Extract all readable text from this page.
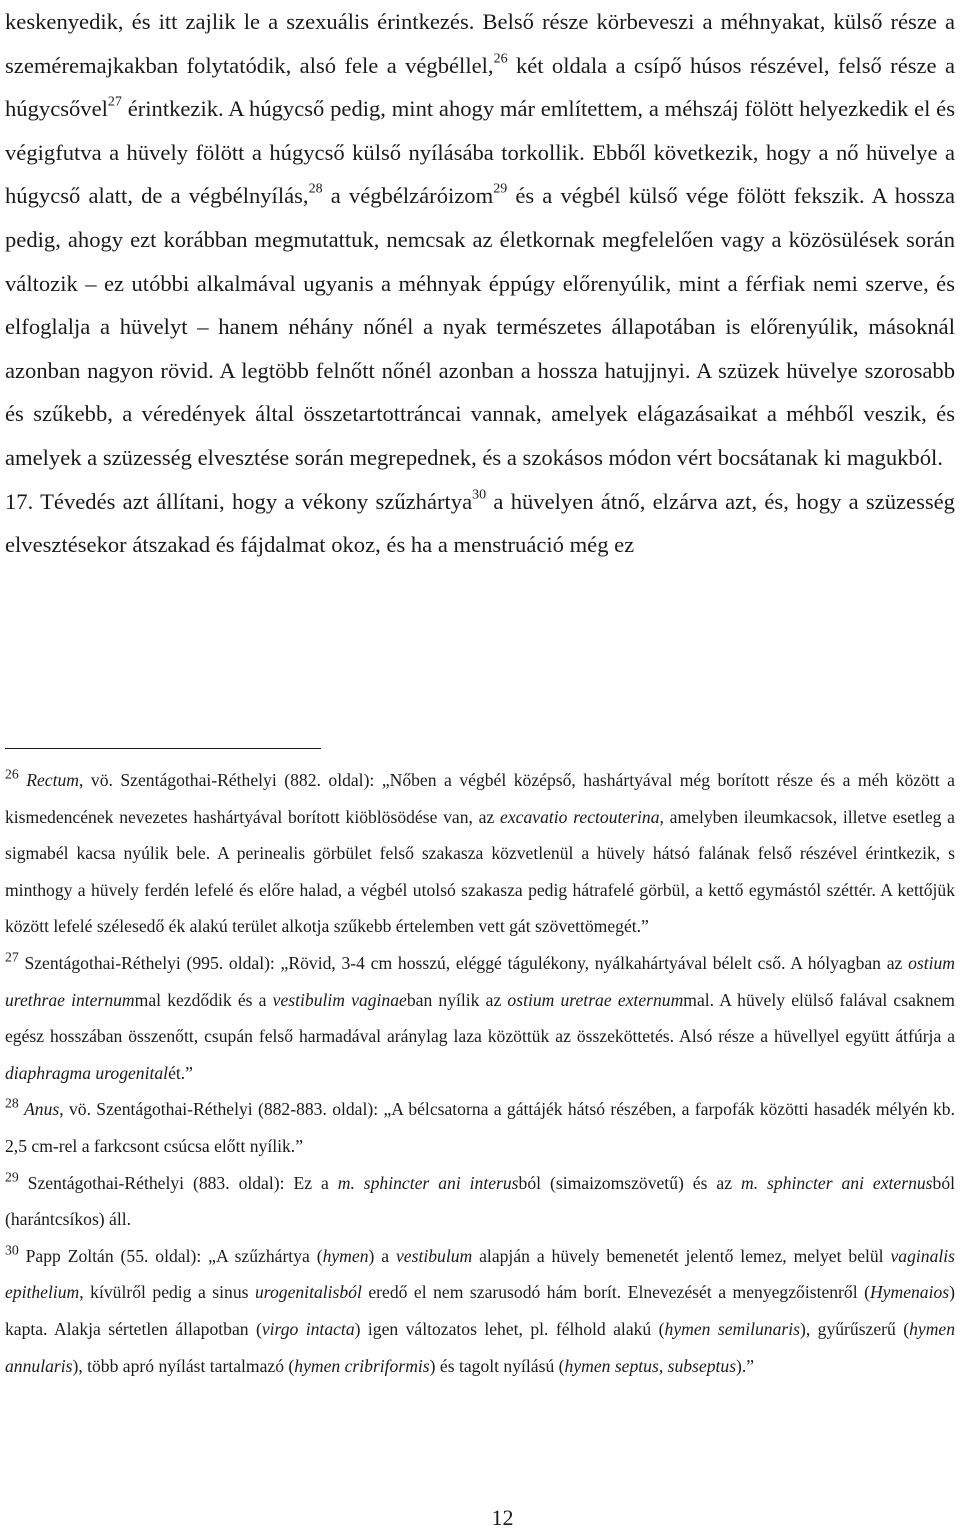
keskenyedik, és itt zajlik le a szexuális érintkezés. Belső része körbeveszi a méhnyakat, külső része a szeméremajkakban folytatódik, alsó fele a végbéllel,$^{26}$ két oldala a csípő húsos részével, felső része a húgycsővel$^{27}$ érintkezik. A húgycső pedig, mint ahogy már említettem, a méhszáj fölött helyezkedik el és végigfutva a hüvely fölött a húgycső külső nyílásába torkollik. Ebből következik, hogy a nő hüvelye a húgycső alatt, de a végbélnyílás,$^{28}$ a végbélzáróizom$^{29}$ és a végbél külső vége fölött fekszik. A hossza pedig, ahogy ezt korábban megmutattuk, nemcsak az életkornak megfelelően vagy a közösülések során változik – ez utóbbi alkalmával ugyanis a méhnyak éppúgy előrenyúlik, mint a férfiak nemi szerve, és elfoglalja a hüvelyt – hanem néhány nőnél a nyak természetes állapotában is előrenyúlik, másoknál azonban nagyon rövid. A legtöbb felnőtt nőnél azonban a hossza hatujjnyi. A szüzek hüvelye szorosabb és szűkebb, a véredények által összetartottráncai vannak, amelyek elágazásaikat a méhből veszik, és amelyek a szüzesség elvesztése során megrepednek, és a szokásos módon vért bocsátanak ki magukból.

17. Tévedés azt állítani, hogy a vékony szűzhártya$^{30}$ a hüvelyen átnő, elzárva azt, és, hogy a szüzesség elvesztésekor átszakad és fájdalmat okoz, és ha a menstruáció még ez

$^{26}$ Rectum, vö. Szentágothai-Réthelyi (882. oldal): „Nőben a végbél középső, hashártyával még borított része és a méh között a kismedencének nevezetes hashártyával borított kiöblösödése van, az excavatio rectouterina, amelyben ileumkacsok, illetve esetleg a sigmabél kacsa nyúlik bele. A perinealis görbület felső szakasza közvetlenül a hüvely hátsó falának felső részével érintkezik, s minthogy a hüvely ferdén lefelé és előre halad, a végbél utolsó szakasza pedig hátrafelé görbül, a kettő egymástól széttér. A kettőjük között lefelé szélesedő ék alakú terület alkotja szűkebb értelemben vett gát szövettömegét.”

$^{27}$ Szentágothai-Réthelyi (995. oldal): „Rövid, 3-4 cm hosszú, eléggé tágulékony, nyálkahártyával bélelt cső. A hólyagban az ostium urethrae internummal kezdődik és a vestibulim vaginaeban nyílik az ostium uretrae externummal. A hüvely elülső falával csaknem egész hosszában összenőtt, csupán felső harmadával aránylag laza közöttük az összeköttetés. Alsó része a hüvellyel együtt átfúrja a diaphragma urogenitalét.”

$^{28}$ Anus, vö. Szentágothai-Réthelyi (882-883. oldal): „A bélcsatorna a gáttájék hátsó részében, a farpofák közötti hasadék mélyén kb. 2,5 cm-rel a farkcsont csúcsa előtt nyílik.”

$^{29}$ Szentágothai-Réthelyi (883. oldal): Ez a m. sphincter ani interusból (simaizomszövetű) és az m. sphincter ani externusból (harántcsíkos) áll.

$^{30}$ Papp Zoltán (55. oldal): „A szűzhártya (hymen) a vestibulum alapján a hüvely bemenetét jelentő lemez, melyet belül vaginalis epithelium, kívülről pedig a sinus urogenitalisból eredő el nem szarusodó hám borít. Elnevezését a menyegzőistenről (Hymenaios) kapta. Alakja sértetlen állapotban (virgo intacta) igen változatos lehet, pl. félhold alakú (hymen semilunaris), gyűrűszerű (hymen annularis), több apró nyílást tartalmazó (hymen cribriformis) és tagolt nyílású (hymen septus, subseptus).”

12
